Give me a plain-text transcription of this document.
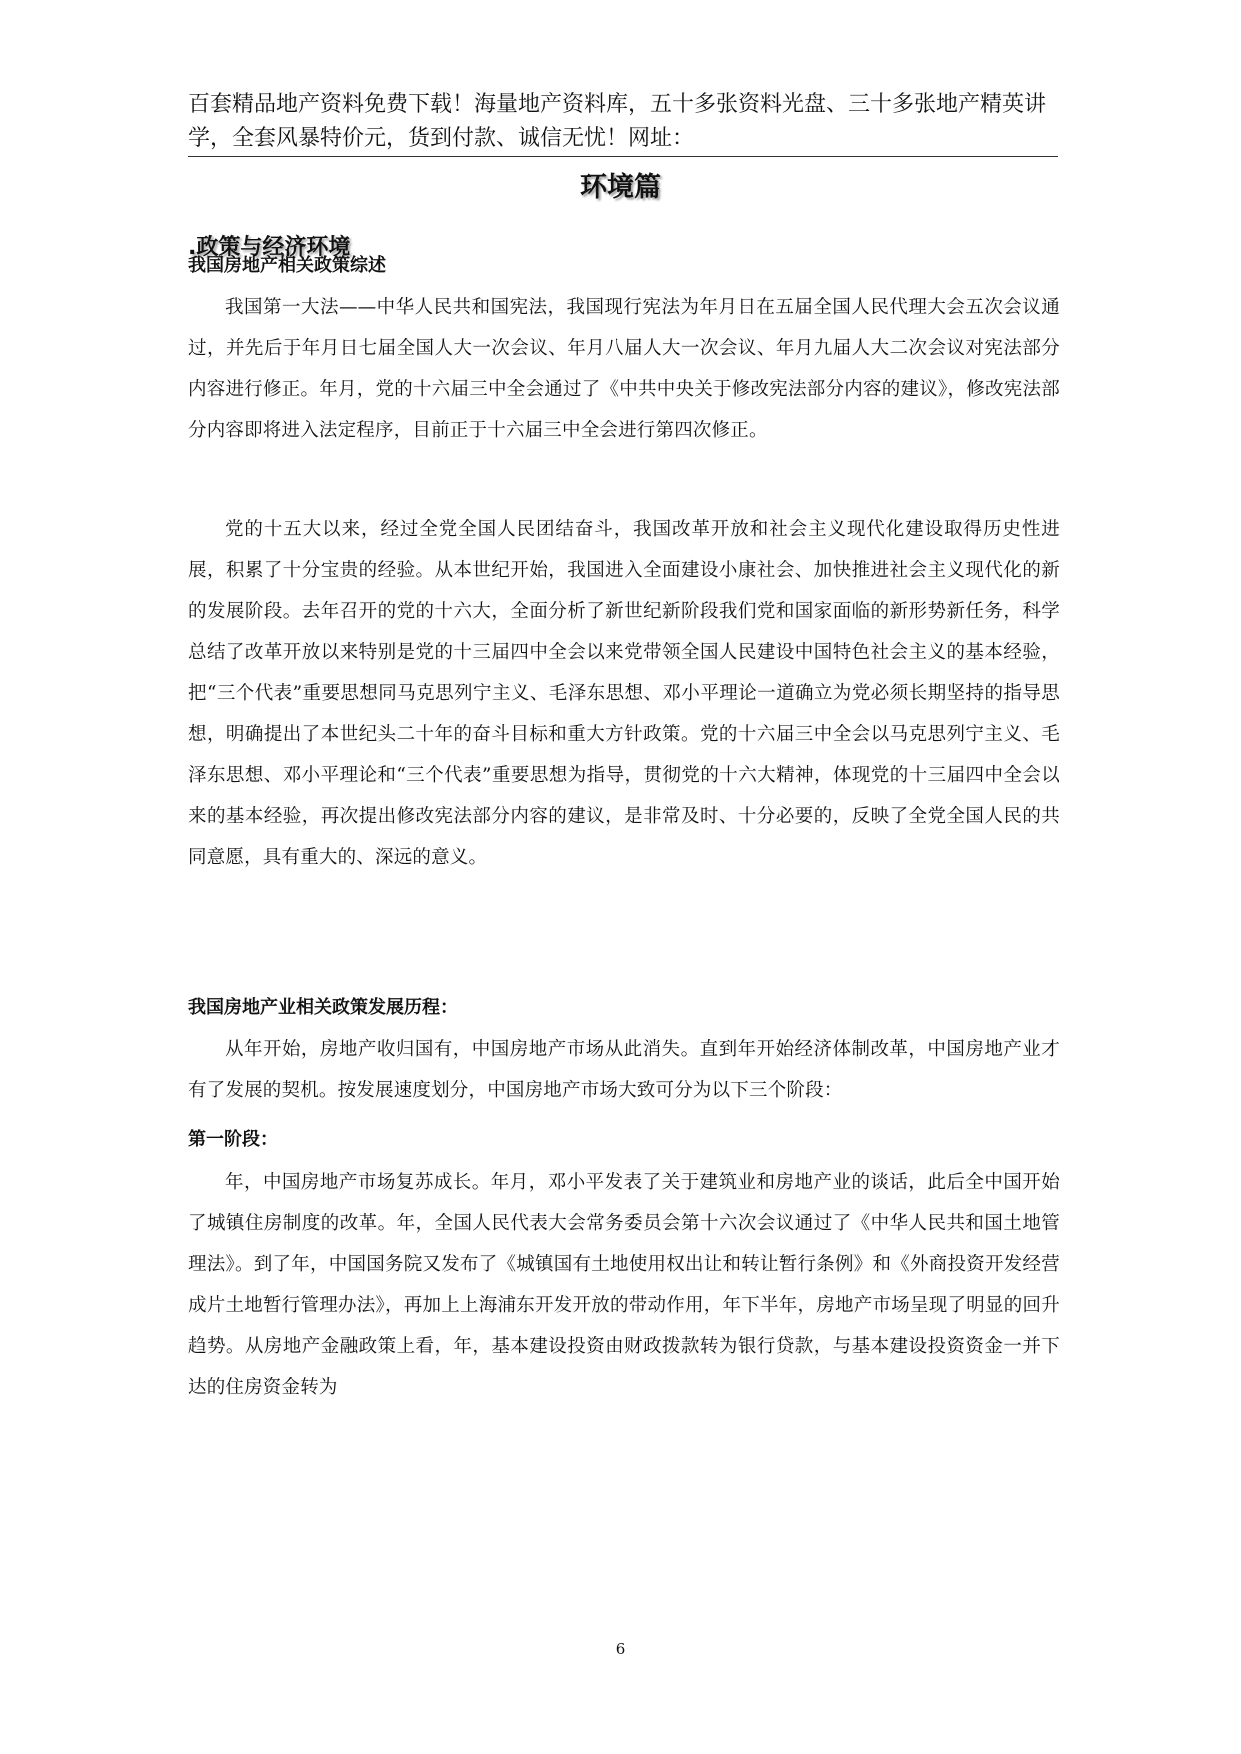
百套精品地产资料免费下载！海量地产资料库，五十多张资料光盘、三十多张地产精英讲学，全套风暴特价元，货到付款、诚信无忧！网址：
环境篇
.政策与经济环境
我国房地产相关政策综述

我国第一大法——中华人民共和国宪法，我国现行宪法为年月日在五届全国人民代理大会五次会议通过，并先后于年月日七届全国人大一次会议、年月八届人大一次会议、年月九届人大二次会议对宪法部分内容进行修正。年月，党的十六届三中全会通过了《中共中央关于修改宪法部分内容的建议》，修改宪法部分内容即将进入法定程序，目前正于十六届三中全会进行第四次修正。

党的十五大以来，经过全党全国人民团结奋斗，我国改革开放和社会主义现代化建设取得历史性进展，积累了十分宝贵的经验。从本世纪开始，我国进入全面建设小康社会、加快推进社会主义现代化的新的发展阶段。去年召开的党的十六大，全面分析了新世纪新阶段我们党和国家面临的新形势新任务，科学总结了改革开放以来特别是党的十三届四中全会以来党带领全国人民建设中国特色社会主义的基本经验，把“三个代表”重要思想同马克思列宁主义、毛泽东思想、邓小平理论一道确立为党必须长期坚持的指导思想，明确提出了本世纪头二十年的奋斗目标和重大方针政策。党的十六届三中全会以马克思列宁主义、毛泽东思想、邓小平理论和“三个代表”重要思想为指导，贯彻党的十六大精神，体现党的十三届四中全会以来的基本经验，再次提出修改宪法部分内容的建议，是非常及时、十分必要的，反映了全党全国人民的共同意愿，具有重大的、深远的意义。

我国房地产业相关政策发展历程：

从年开始，房地产收归国有，中国房地产市场从此消失。直到年开始经济体制改革，中国房地产业才有了发展的契机。按发展速度划分，中国房地产市场大致可分为以下三个阶段：

第一阶段：

年，中国房地产市场复苏成长。年月，邓小平发表了关于建筑业和房地产业的谈话，此后全中国开始了城镇住房制度的改革。年，全国人民代表大会常务委员会第十六次会议通过了《中华人民共和国土地管理法》。到了年，中国国务院又发布了《城镇国有土地使用权出让和转让暂行条例》和《外商投资开发经营成片土地暂行管理办法》，再加上上海浦东开发开放的带动作用，年下半年，房地产市场呈现了明显的回升趋势。从房地产金融政策上看，年，基本建设投资由财政拨款转为银行贷款，与基本建设投资资金一并下达的住房资金转为

6
